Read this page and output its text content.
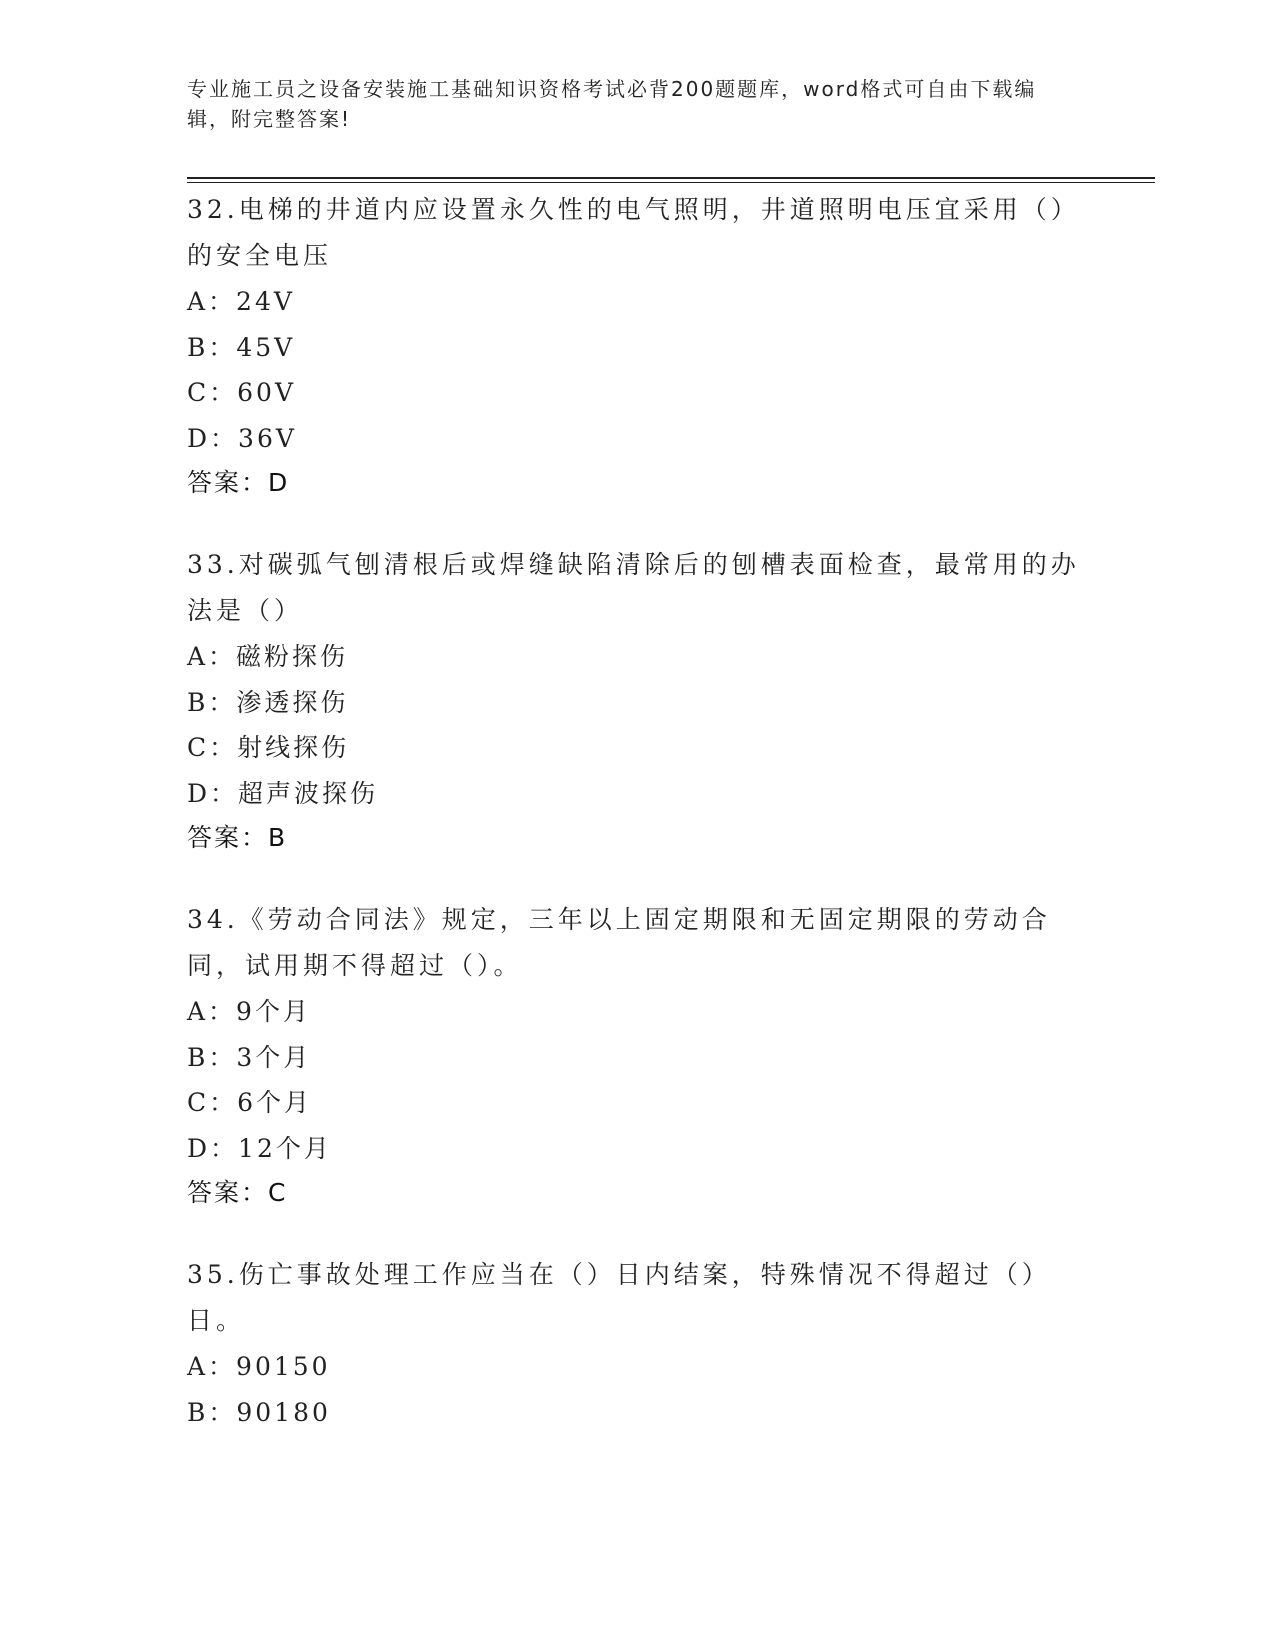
专业施工员之设备安装施工基础知识资格考试必背200题题库，word格式可自由下载编辑，附完整答案!

32.电梯的井道内应设置永久性的电气照明，井道照明电压宜采用（）的安全电压

A：24V

B：45V

C：60V

D：36V

答案：D

33.对碳弧气刨清根后或焊缝缺陷清除后的刨槽表面检查，最常用的办法是（）

A：磁粉探伤

B：渗透探伤

C：射线探伤

D：超声波探伤

答案：B

34.《劳动合同法》规定，三年以上固定期限和无固定期限的劳动合同，试用期不得超过（）。

A：9个月

B：3个月

C：6个月

D：12个月

答案：C

35.伤亡事故处理工作应当在（）日内结案，特殊情况不得超过（）日。

A：90150

B：90180
